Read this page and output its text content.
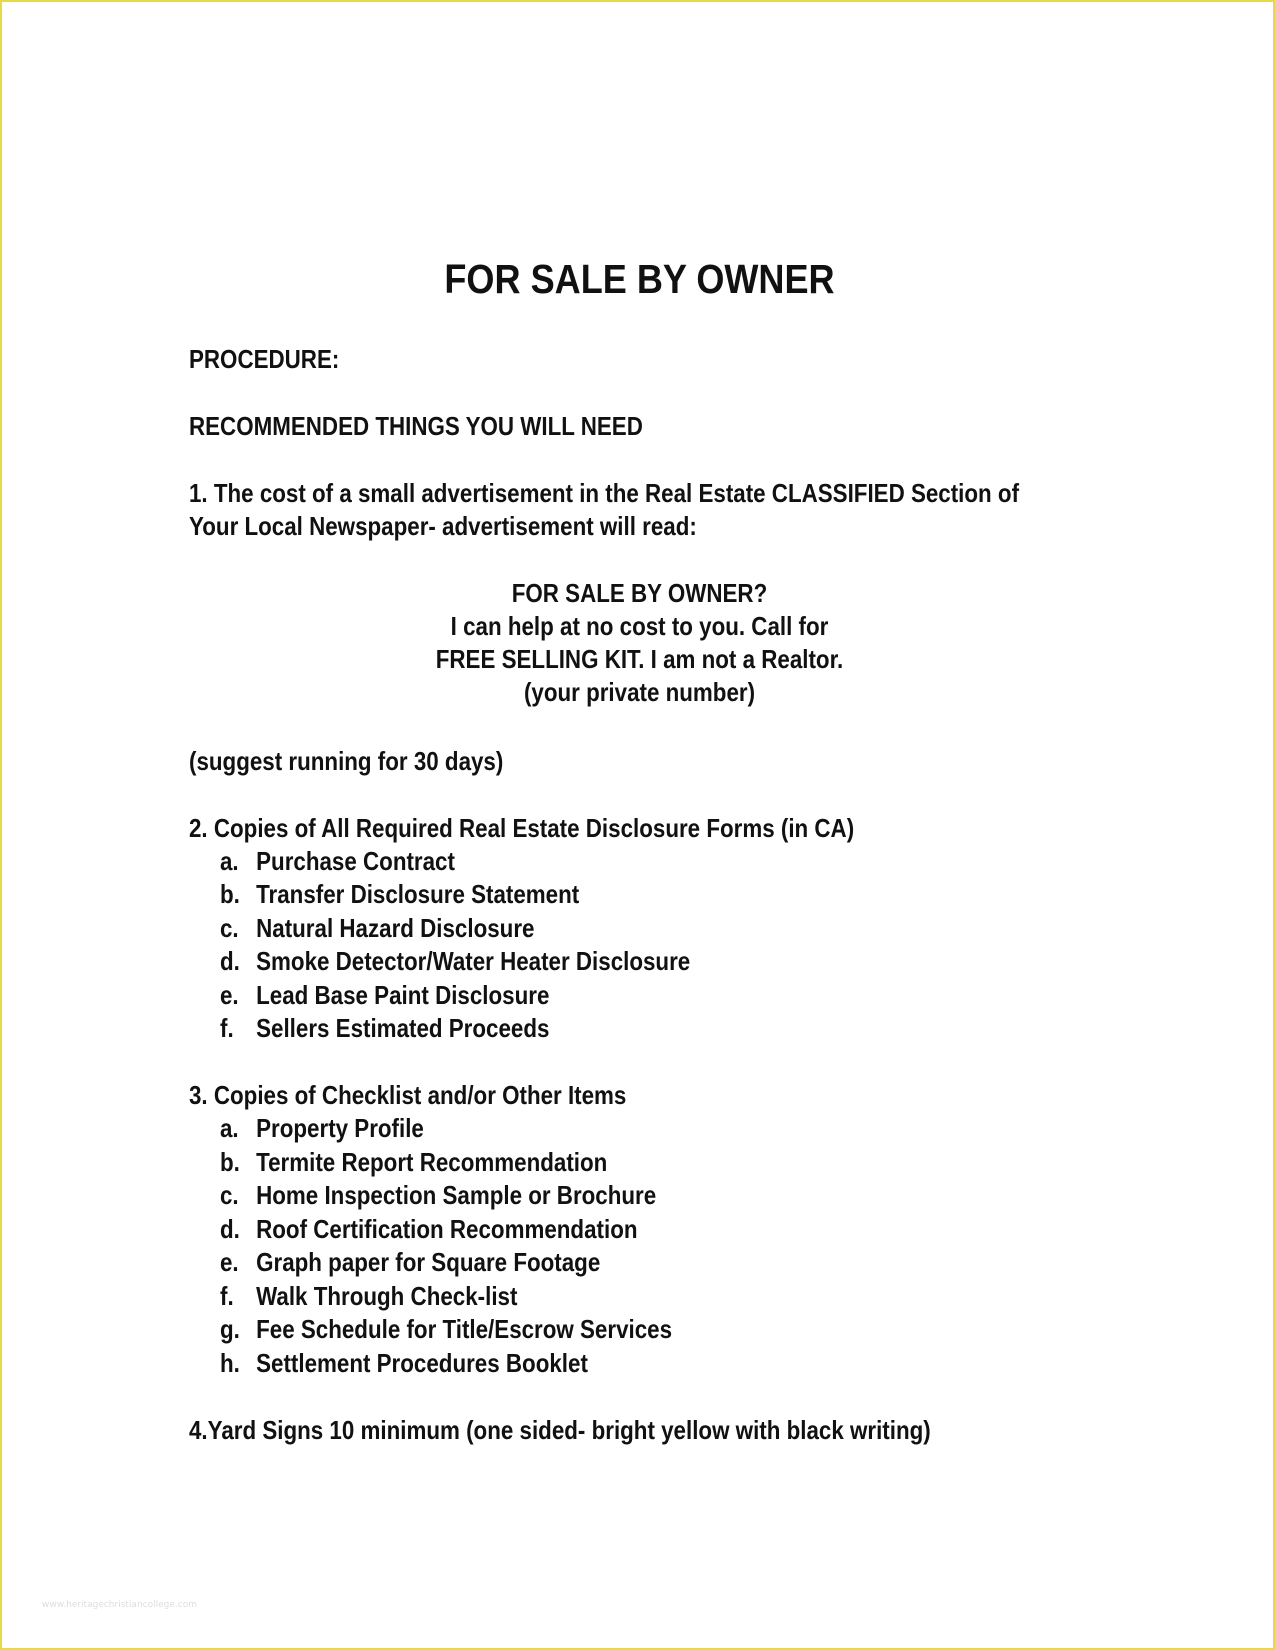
FOR SALE BY OWNER
PROCEDURE:
RECOMMENDED THINGS YOU WILL NEED
1. The cost of a small advertisement in the Real Estate CLASSIFIED Section of
Your Local Newspaper- advertisement will read:
FOR SALE BY OWNER?
I can help at no cost to you. Call for
FREE SELLING KIT. I am not a Realtor.
(your private number)
(suggest running for 30 days)
2. Copies of All Required Real Estate Disclosure Forms (in CA)
a. Purchase Contract
b. Transfer Disclosure Statement
c. Natural Hazard Disclosure
d. Smoke Detector/Water Heater Disclosure
e. Lead Base Paint Disclosure
f. Sellers Estimated Proceeds
3. Copies of Checklist and/or Other Items
a. Property Profile
b. Termite Report Recommendation
c. Home Inspection Sample or Brochure
d. Roof Certification Recommendation
e. Graph paper for Square Footage
f. Walk Through Check-list
g. Fee Schedule for Title/Escrow Services
h. Settlement Procedures Booklet
4.Yard Signs 10 minimum (one sided- bright yellow with black writing)
www.heritagechristiancollege.com
